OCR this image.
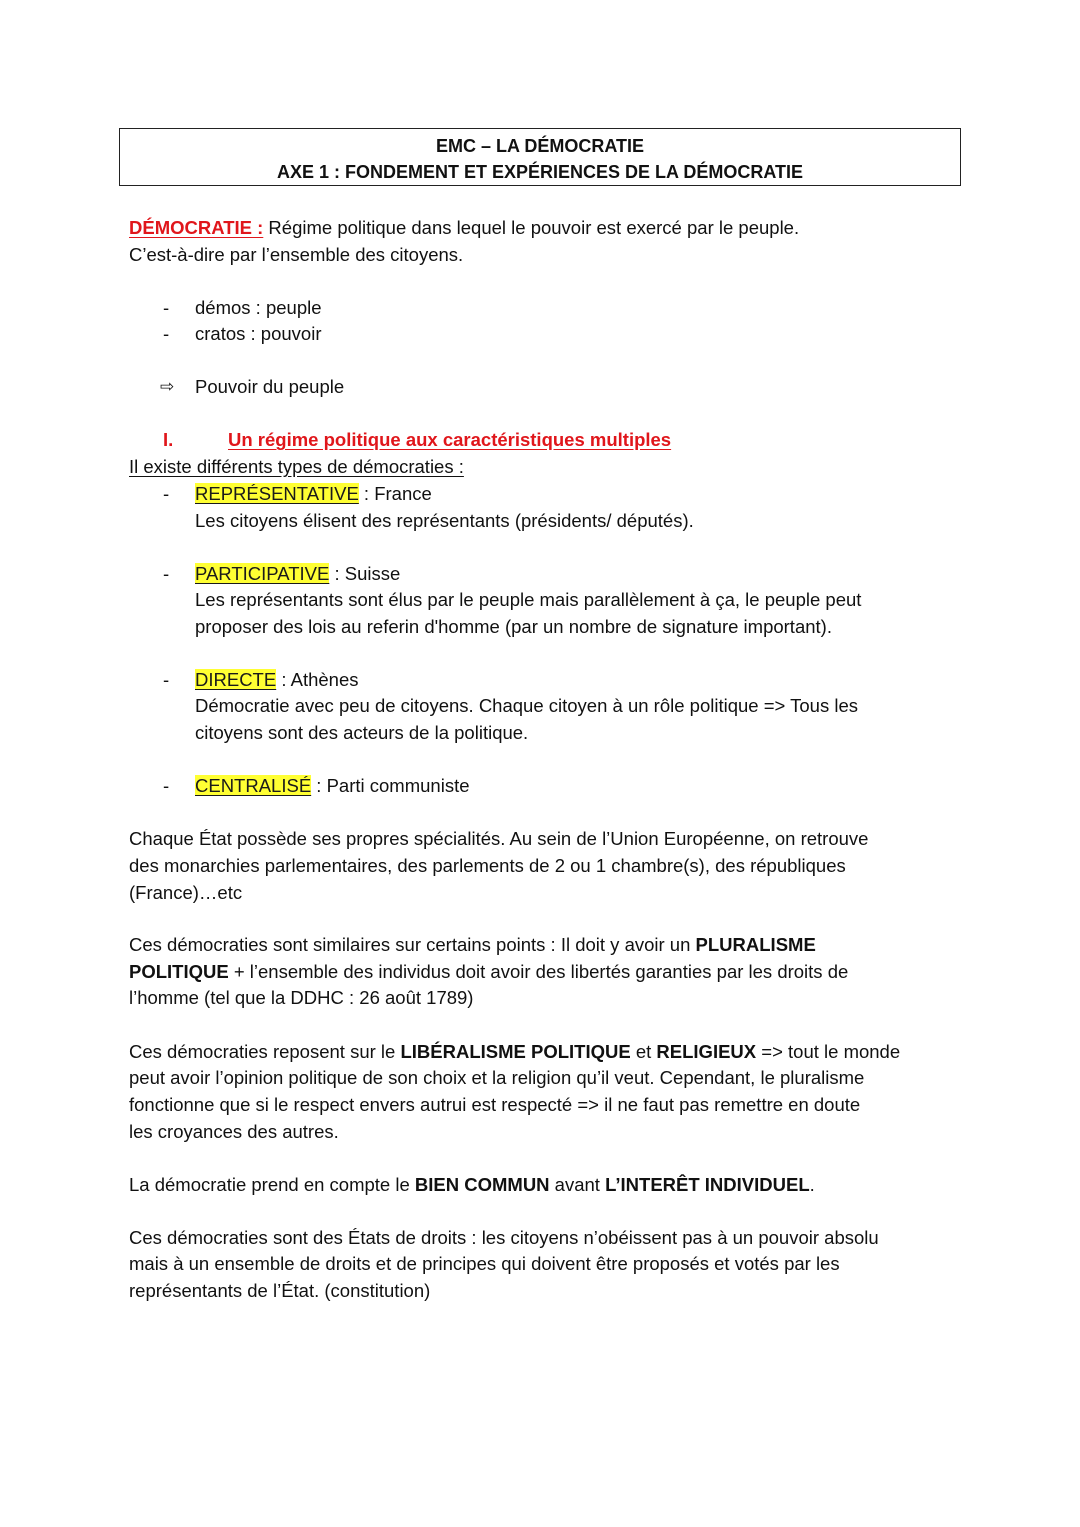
EMC – LA DÉMOCRATIE
AXE 1 : FONDEMENT ET EXPÉRIENCES DE LA DÉMOCRATIE
DÉMOCRATIE : Régime politique dans lequel le pouvoir est exercé par le peuple.
C’est-à-dire par l’ensemble des citoyens.
-	démos : peuple
-	cratos : pouvoir
⇨ Pouvoir du peuple
I.	Un régime politique aux caractéristiques multiples
Il existe différents types de démocraties :
-	REPRÉSENTATIVE : France
Les citoyens élisent des représentants (présidents/ députés).
-	PARTICIPATIVE : Suisse
Les représentants sont élus par le peuple mais parallèlement à ça, le peuple peut
proposer des lois au referin d'homme (par un nombre de signature important).
-	DIRECTE : Athènes
Démocratie avec peu de citoyens. Chaque citoyen à un rôle politique => Tous les
citoyens sont des acteurs de la politique.
-	CENTRALISÉ : Parti communiste
Chaque État possède ses propres spécialités. Au sein de l’Union Européenne, on retrouve
des monarchies parlementaires, des parlements de 2 ou 1 chambre(s), des républiques
(France)…etc
Ces démocraties sont similaires sur certains points : Il doit y avoir un PLURALISME
POLITIQUE + l’ensemble des individus doit avoir des libertés garanties par les droits de
l’homme (tel que la DDHC : 26 août 1789)
Ces démocraties reposent sur le LIBÉRALISME POLITIQUE et RELIGIEUX => tout le monde
peut avoir l’opinion politique de son choix et la religion qu’il veut. Cependant, le pluralisme
fonctionne que si le respect envers autrui est respecté => il ne faut pas remettre en doute
les croyances des autres.
La démocratie prend en compte le BIEN COMMUN avant L’INTERÊT INDIVIDUEL.
Ces démocraties sont des États de droits : les citoyens n’obéissent pas à un pouvoir absolu
mais à un ensemble de droits et de principes qui doivent être proposés et votés par les
représentants de l’État. (constitution)
